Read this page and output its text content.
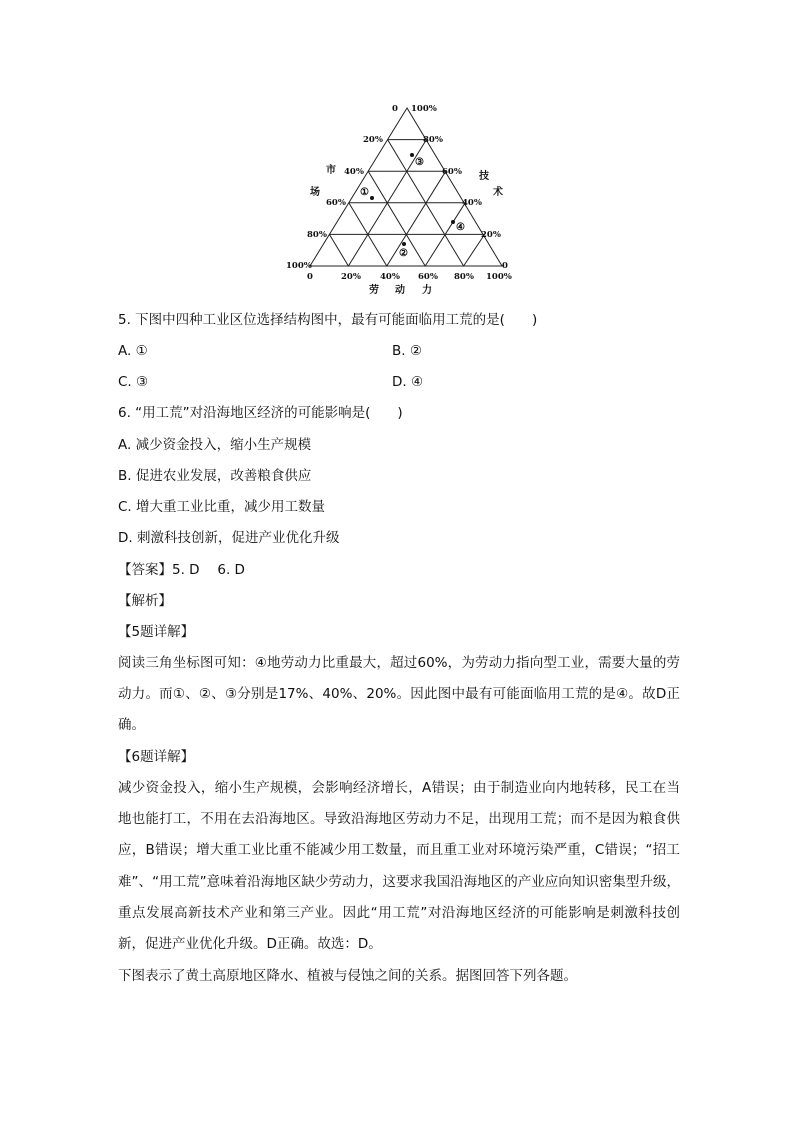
0
20%
40%
60%
80%
100%
100%
80%
60%
40%
20%
0
0	20% 40% 60% 80% 100%
市
场
技
术
劳 动 力
③
①
④
②
5. 下图中四种工业区位选择结构图中，最有可能面临用工荒的是(　　)
A. ①	B. ②
C. ③	D. ④
6. “用工荒”对沿海地区经济的可能影响是(　　)
A. 减少资金投入，缩小生产规模
B. 促进农业发展，改善粮食供应
C. 增大重工业比重，减少用工数量
D. 刺激科技创新，促进产业优化升级
【答案】5. D　 6. D
【解析】
【5题详解】
阅读三角坐标图可知：④地劳动力比重最大，超过60%，为劳动力指向型工业，需要大量的劳动力。而①、②、③分别是17%、40%、20%。因此图中最有可能面临用工荒的是④。故D正确。
【6题详解】
减少资金投入，缩小生产规模，会影响经济增长，A错误；由于制造业向内地转移，民工在当地也能打工，不用在去沿海地区。导致沿海地区劳动力不足，出现用工荒；而不是因为粮食供应，B错误；增大重工业比重不能减少用工数量，而且重工业对环境污染严重，C错误；“招工难”、“用工荒”意味着沿海地区缺少劳动力，这要求我国沿海地区的产业应向知识密集型升级，重点发展高新技术产业和第三产业。因此“用工荒”对沿海地区经济的可能影响是刺激科技创新，促进产业优化升级。D正确。故选：D。
下图表示了黄土高原地区降水、植被与侵蚀之间的关系。据图回答下列各题。
